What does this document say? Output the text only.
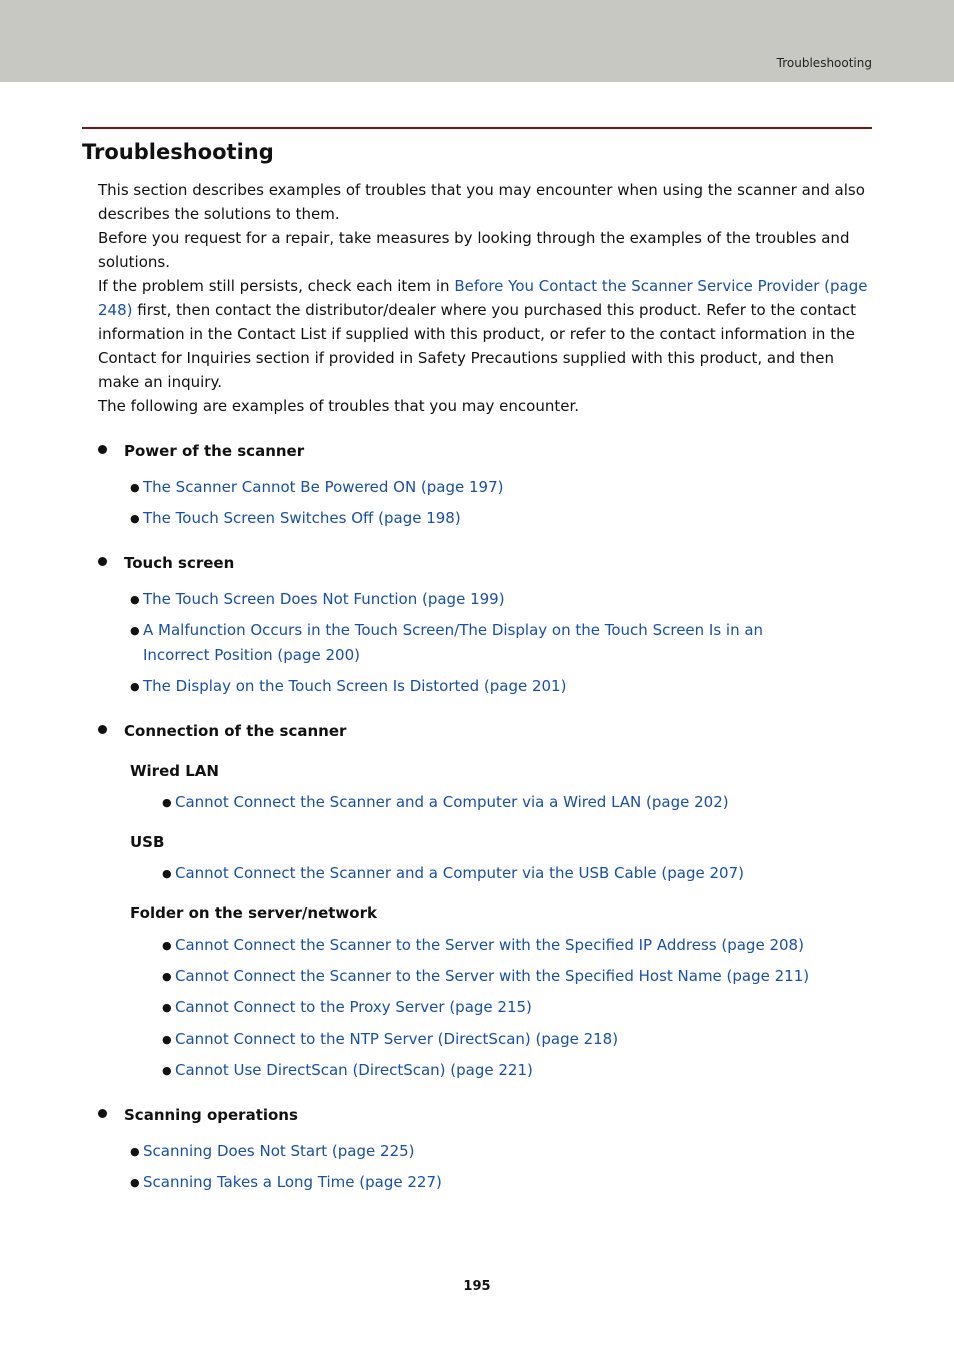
Troubleshooting
Troubleshooting

This section describes examples of troubles that you may encounter when using the scanner and also describes the solutions to them.

Before you request for a repair, take measures by looking through the examples of the troubles and solutions.

If the problem still persists, check each item in Before You Contact the Scanner Service Provider (page 248) first, then contact the distributor/dealer where you purchased this product. Refer to the contact information in the Contact List if supplied with this product, or refer to the contact information in the Contact for Inquiries section if provided in Safety Precautions supplied with this product, and then make an inquiry.

The following are examples of troubles that you may encounter.

Power of the scanner
● The Scanner Cannot Be Powered ON (page 197)
● The Touch Screen Switches Off (page 198)
Touch screen
● The Touch Screen Does Not Function (page 199)
● A Malfunction Occurs in the Touch Screen/The Display on the Touch Screen Is in an Incorrect Position (page 200)
● The Display on the Touch Screen Is Distorted (page 201)
Connection of the scanner
Wired LAN
● Cannot Connect the Scanner and a Computer via a Wired LAN (page 202)
USB
● Cannot Connect the Scanner and a Computer via the USB Cable (page 207)
Folder on the server/network
● Cannot Connect the Scanner to the Server with the Specified IP Address (page 208)
● Cannot Connect the Scanner to the Server with the Specified Host Name (page 211)
● Cannot Connect to the Proxy Server (page 215)
● Cannot Connect to the NTP Server (DirectScan) (page 218)
● Cannot Use DirectScan (DirectScan) (page 221)
Scanning operations
● Scanning Does Not Start (page 225)
● Scanning Takes a Long Time (page 227)
195
